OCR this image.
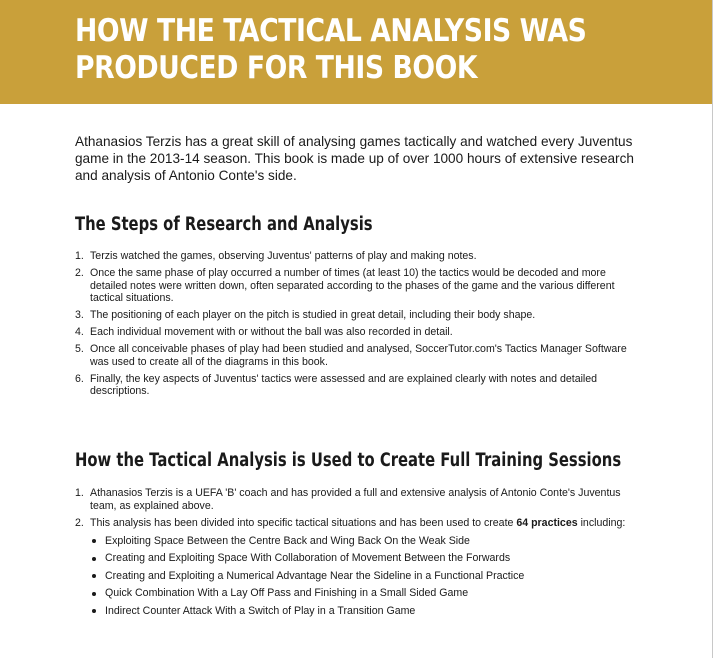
HOW THE TACTICAL ANALYSIS WAS
PRODUCED FOR THIS BOOK

Athanasios Terzis has a great skill of analysing games tactically and watched every Juventus game in the 2013-14 season. This book is made up of over 1000 hours of extensive research and analysis of Antonio Conte's side.

The Steps of Research and Analysis
1. Terzis watched the games, observing Juventus' patterns of play and making notes.
2. Once the same phase of play occurred a number of times (at least 10) the tactics would be decoded and more detailed notes were written down, often separated according to the phases of the game and the various different tactical situations.
3. The positioning of each player on the pitch is studied in great detail, including their body shape.
4. Each individual movement with or without the ball was also recorded in detail.
5. Once all conceivable phases of play had been studied and analysed, SoccerTutor.com's Tactics Manager Software was used to create all of the diagrams in this book.
6. Finally, the key aspects of Juventus' tactics were assessed and are explained clearly with notes and detailed descriptions.
How the Tactical Analysis is Used to Create Full Training Sessions
1. Athanasios Terzis is a UEFA 'B' coach and has provided a full and extensive analysis of Antonio Conte's Juventus team, as explained above.
2. This analysis has been divided into specific tactical situations and has been used to create 64 practices including:
Exploiting Space Between the Centre Back and Wing Back On the Weak Side
Creating and Exploiting Space With Collaboration of Movement Between the Forwards
Creating and Exploiting a Numerical Advantage Near the Sideline in a Functional Practice
Quick Combination With a Lay Off Pass and Finishing in a Small Sided Game
Indirect Counter Attack With a Switch of Play in a Transition Game
